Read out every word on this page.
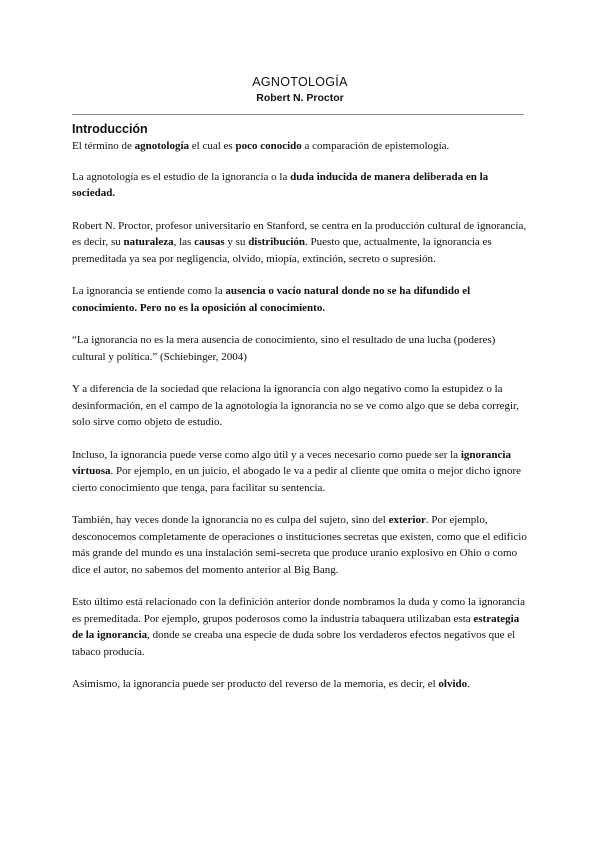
AGNOTOLOGÍA
Robert N. Proctor
Introducción

El término de agnotología el cual es poco conocido a comparación de epistemología.

La agnotología es el estudio de la ignorancia o la duda inducida de manera deliberada en la sociedad.

Robert N. Proctor, profesor universitario en Stanford, se centra en la producción cultural de ignorancia, es decir, su naturaleza, las causas y su distribución. Puesto que, actualmente, la ignorancia es premeditada ya sea por negligencia, olvido, miopía, extinción, secreto o supresión.

La ignorancia se entiende como la ausencia o vacío natural donde no se ha difundido el conocimiento. Pero no es la oposición al conocimiento.

“La ignorancia no es la mera ausencia de conocimiento, sino el resultado de una lucha (poderes) cultural y política.” (Schiebinger, 2004)

Y a diferencia de la sociedad que relaciona la ignorancia con algo negativo como la estupidez o la desinformación, en el campo de la agnotología la ignorancia no se ve como algo que se deba corregir, solo sirve como objeto de estudio.

Incluso, la ignorancia puede verse como algo útil y a veces necesario como puede ser la ignorancia virtuosa. Por ejemplo, en un juicio, el abogado le va a pedir al cliente que omita o mejor dicho ignore cierto conocimiento que tenga, para facilitar su sentencia.

También, hay veces donde la ignorancia no es culpa del sujeto, sino del exterior. Por ejemplo, desconocemos completamente de operaciones o instituciones secretas que existen, como que el edificio más grande del mundo es una instalación semi-secreta que produce uranio explosivo en Ohio o como dice el autor, no sabemos del momento anterior al Big Bang.

Esto último está relacionado con la definición anterior donde nombramos la duda y como la ignorancia es premeditada. Por ejemplo, grupos poderosos como la industria tabaquera utilizaban esta estrategia de la ignorancia, donde se creaba una especie de duda sobre los verdaderos efectos negativos que el tabaco producía.

Asimismo, la ignorancia puede ser producto del reverso de la memoria, es decir, el olvido.
